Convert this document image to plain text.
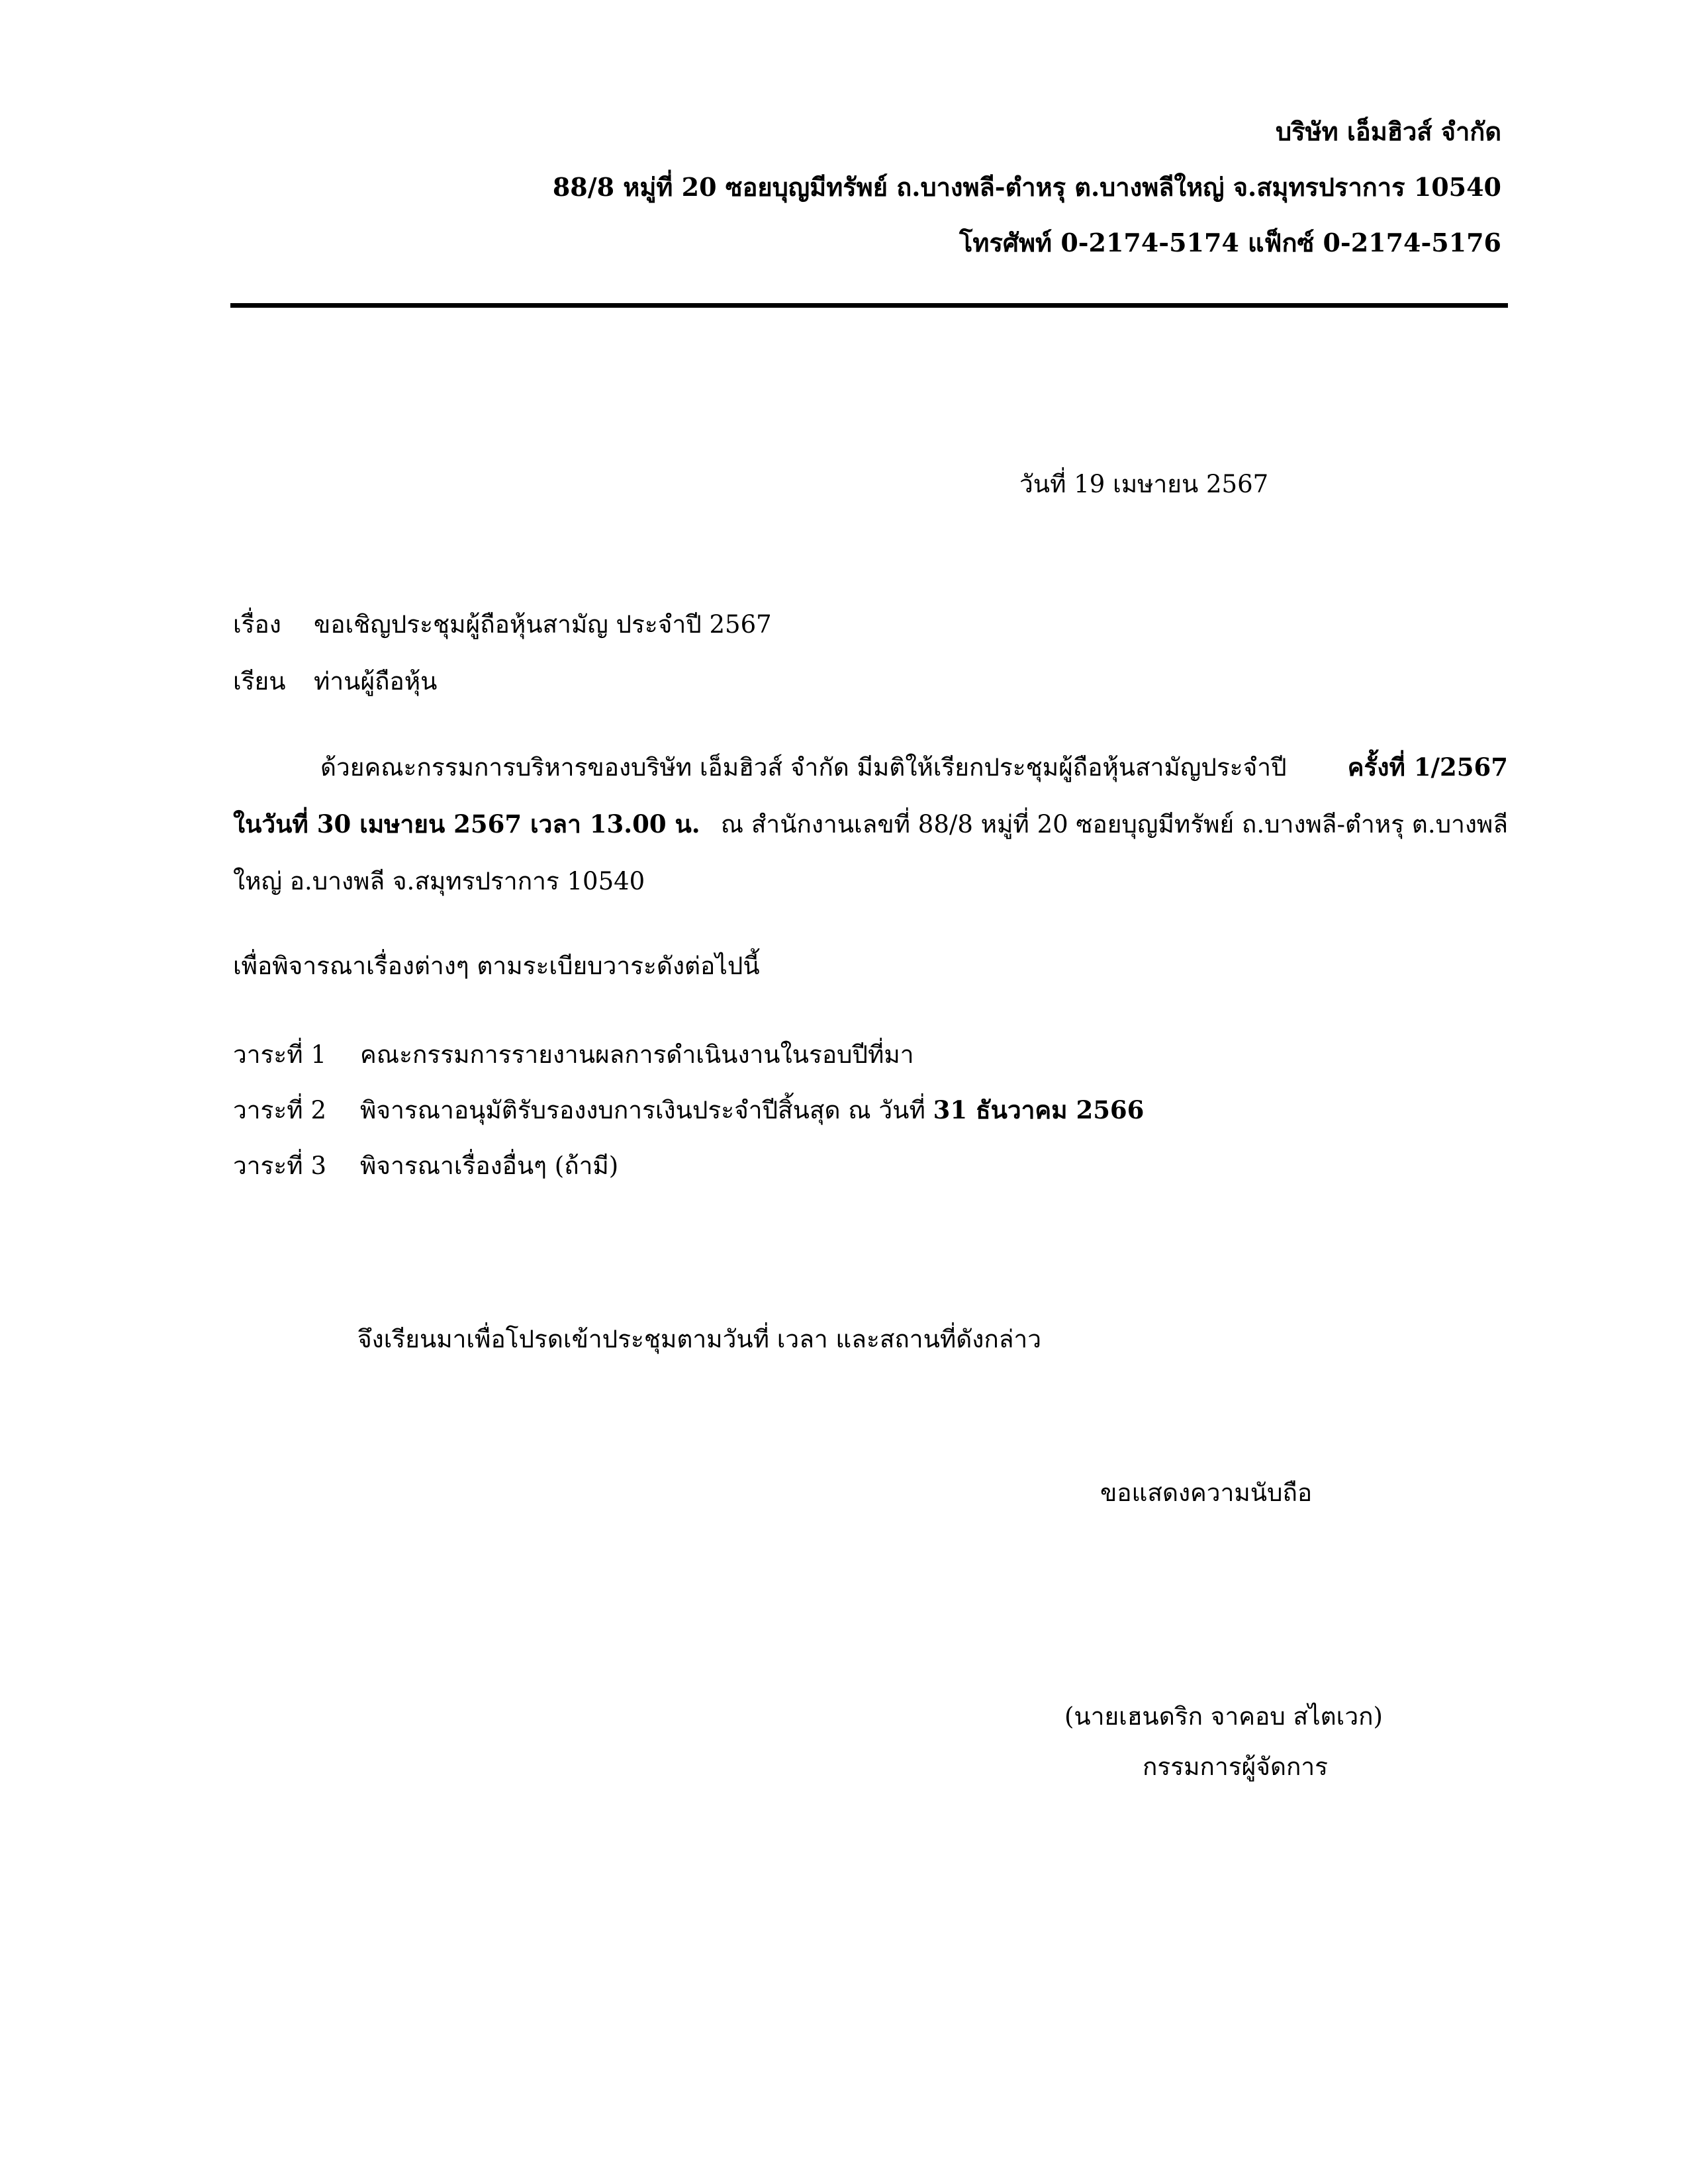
บริษัท เอ็มฮิวส์ จำกัด
88/8 หมู่ที่ 20 ซอยบุญมีทรัพย์ ถ.บางพลี-ตำหรุ ต.บางพลีใหญ่ จ.สมุทรปราการ 10540
โทรศัพท์ 0-2174-5174 แฟ็กซ์ 0-2174-5176
วันที่ 19 เมษายน 2567
เรื่อง ขอเชิญประชุมผู้ถือหุ้นสามัญ ประจำปี 2567
เรียน ท่านผู้ถือหุ้น
ด้วยคณะกรรมการบริหารของบริษัท เอ็มฮิวส์ จำกัด มีมติให้เรียกประชุมผู้ถือหุ้นสามัญประจำปี ครั้งที่ 1/2567
ในวันที่ 30 เมษายน 2567 เวลา 13.00 น. ณ สำนักงานเลขที่ 88/8 หมู่ที่ 20 ซอยบุญมีทรัพย์ ถ.บางพลี-ตำหรุ ต.บางพลี
ใหญ่ อ.บางพลี จ.สมุทรปราการ 10540
เพื่อพิจารณาเรื่องต่างๆ ตามระเบียบวาระดังต่อไปนี้
วาระที่ 1 คณะกรรมการรายงานผลการดำเนินงานในรอบปีที่มา
วาระที่ 2 พิจารณาอนุมัติรับรองงบการเงินประจำปีสิ้นสุด ณ วันที่ 31 ธันวาคม 2566
วาระที่ 3 พิจารณาเรื่องอื่นๆ (ถ้ามี)
จึงเรียนมาเพื่อโปรดเข้าประชุมตามวันที่ เวลา และสถานที่ดังกล่าว
ขอแสดงความนับถือ
(นายเฮนดริก จาคอบ สไตเวก)
กรรมการผู้จัดการ
